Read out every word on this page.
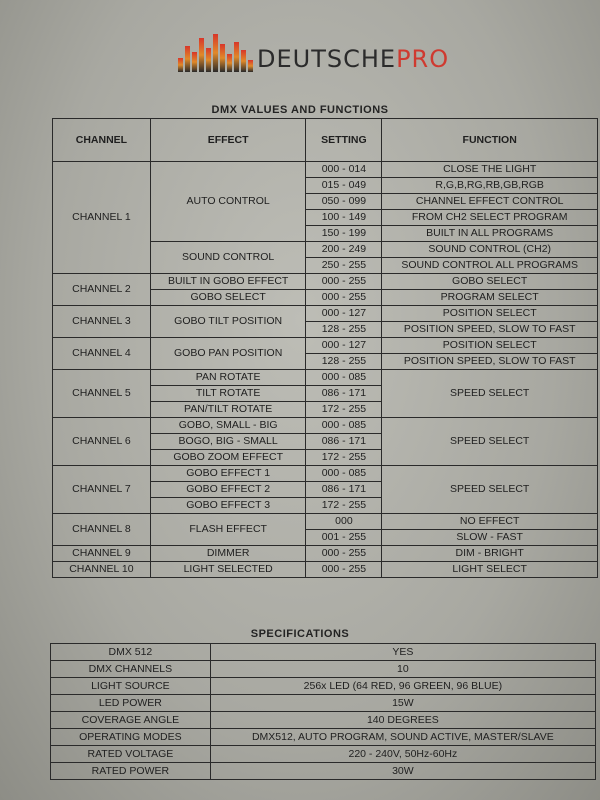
DEUTSCHEPRO
DMX VALUES AND FUNCTIONS
CHANNEL	EFFECT	SETTING	FUNCTION
CHANNEL 1	AUTO CONTROL	000 - 014	CLOSE THE LIGHT
		015 - 049	R,G,B,RG,RB,GB,RGB
		050 - 099	CHANNEL EFFECT CONTROL
		100 - 149	FROM CH2 SELECT PROGRAM
		150 - 199	BUILT IN ALL PROGRAMS
	SOUND CONTROL	200 - 249	SOUND CONTROL (CH2)
		250 - 255	SOUND CONTROL ALL PROGRAMS
CHANNEL 2	BUILT IN GOBO EFFECT	000 - 255	GOBO SELECT
	GOBO SELECT	000 - 255	PROGRAM SELECT
CHANNEL 3	GOBO TILT POSITION	000 - 127	POSITION SELECT
		128 - 255	POSITION SPEED, SLOW TO FAST
CHANNEL 4	GOBO PAN POSITION	000 - 127	POSITION SELECT
		128 - 255	POSITION SPEED, SLOW TO FAST
CHANNEL 5	PAN ROTATE	000 - 085	SPEED SELECT
	TILT ROTATE	086 - 171	
	PAN/TILT ROTATE	172 - 255	
CHANNEL 6	GOBO, SMALL - BIG	000 - 085	SPEED SELECT
	BOGO, BIG - SMALL	086 - 171	
	GOBO ZOOM EFFECT	172 - 255	
CHANNEL 7	GOBO EFFECT 1	000 - 085	SPEED SELECT
	GOBO EFFECT 2	086 - 171	
	GOBO EFFECT 3	172 - 255	
CHANNEL 8	FLASH EFFECT	000	NO EFFECT
		001 - 255	SLOW - FAST
CHANNEL 9	DIMMER	000 - 255	DIM - BRIGHT
CHANNEL 10	LIGHT SELECTED	000 - 255	LIGHT SELECT
SPECIFICATIONS
DMX 512	YES
DMX CHANNELS	10
LIGHT SOURCE	256x LED (64 RED, 96 GREEN, 96 BLUE)
LED POWER	15W
COVERAGE ANGLE	140 DEGREES
OPERATING MODES	DMX512, AUTO PROGRAM, SOUND ACTIVE, MASTER/SLAVE
RATED VOLTAGE	220 - 240V, 50Hz-60Hz
RATED POWER	30W
